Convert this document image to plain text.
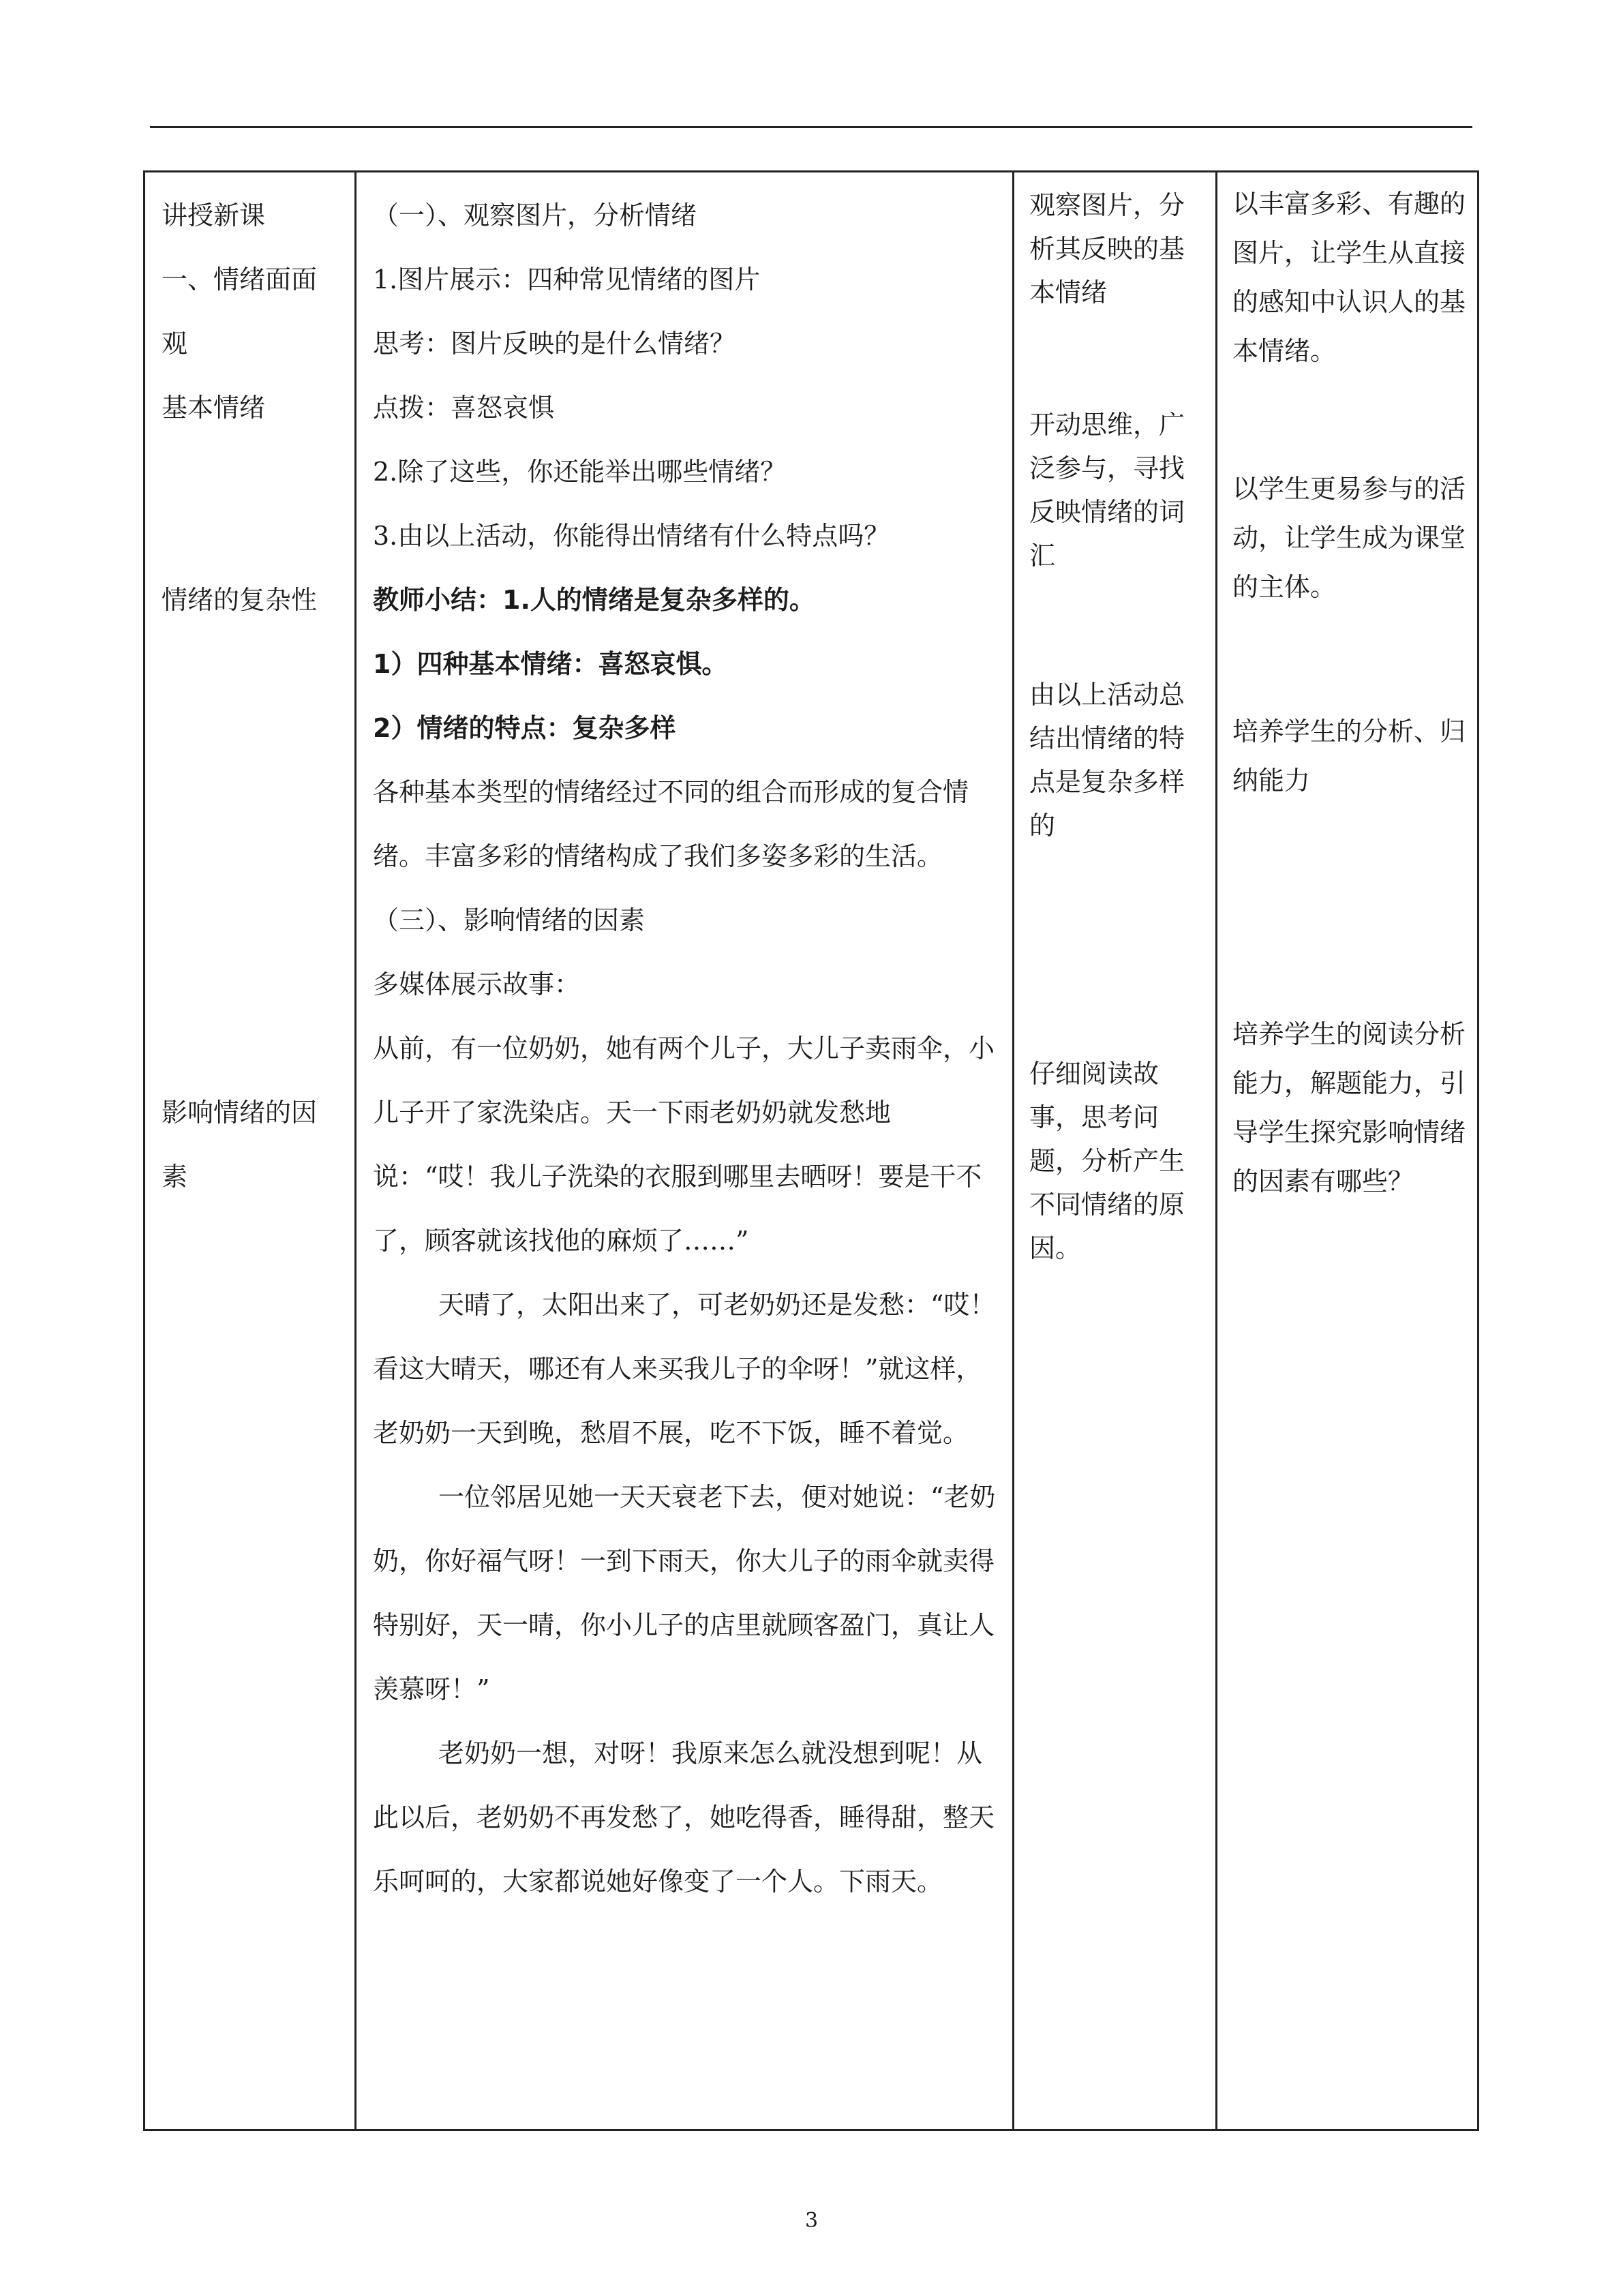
讲授新课
一、情绪面面
观
基本情绪
情绪的复杂性
影响情绪的因
素

（一）、观察图片，分析情绪

1.图片展示：四种常见情绪的图片

思考：图片反映的是什么情绪？

点拨：喜怒哀惧

2.除了这些，你还能举出哪些情绪？

3.由以上活动，你能得出情绪有什么特点吗？

教师小结：1.人的情绪是复杂多样的。

1）四种基本情绪：喜怒哀惧。

2）情绪的特点：复杂多样

各种基本类型的情绪经过不同的组合而形成的复合情绪。丰富多彩的情绪构成了我们多姿多彩的生活。

（三）、影响情绪的因素

多媒体展示故事：

从前，有一位奶奶，她有两个儿子，大儿子卖雨伞，小儿子开了家洗染店。天一下雨老奶奶就发愁地说：“哎！我儿子洗染的衣服到哪里去晒呀！要是干不了，顾客就该找他的麻烦了……”

天晴了，太阳出来了，可老奶奶还是发愁：“哎！看这大晴天，哪还有人来买我儿子的伞呀！”就这样，老奶奶一天到晚，愁眉不展，吃不下饭，睡不着觉。

一位邻居见她一天天衰老下去，便对她说：“老奶奶，你好福气呀！一到下雨天，你大儿子的雨伞就卖得特别好，天一晴，你小儿子的店里就顾客盈门，真让人羡慕呀！”

老奶奶一想，对呀！我原来怎么就没想到呢！从此以后，老奶奶不再发愁了，她吃得香，睡得甜，整天乐呵呵的，大家都说她好像变了一个人。下雨天。

观察图片，分析其反映的基本情绪
开动思维，广泛参与，寻找反映情绪的词汇
由以上活动总结出情绪的特点是复杂多样的
仔细阅读故事，思考问题，分析产生不同情绪的原因。
以丰富多彩、有趣的图片，让学生从直接的感知中认识人的基本情绪。
以学生更易参与的活动，让学生成为课堂的主体。
培养学生的分析、归纳能力
培养学生的阅读分析能力，解题能力，引导学生探究影响情绪的因素有哪些？
3
